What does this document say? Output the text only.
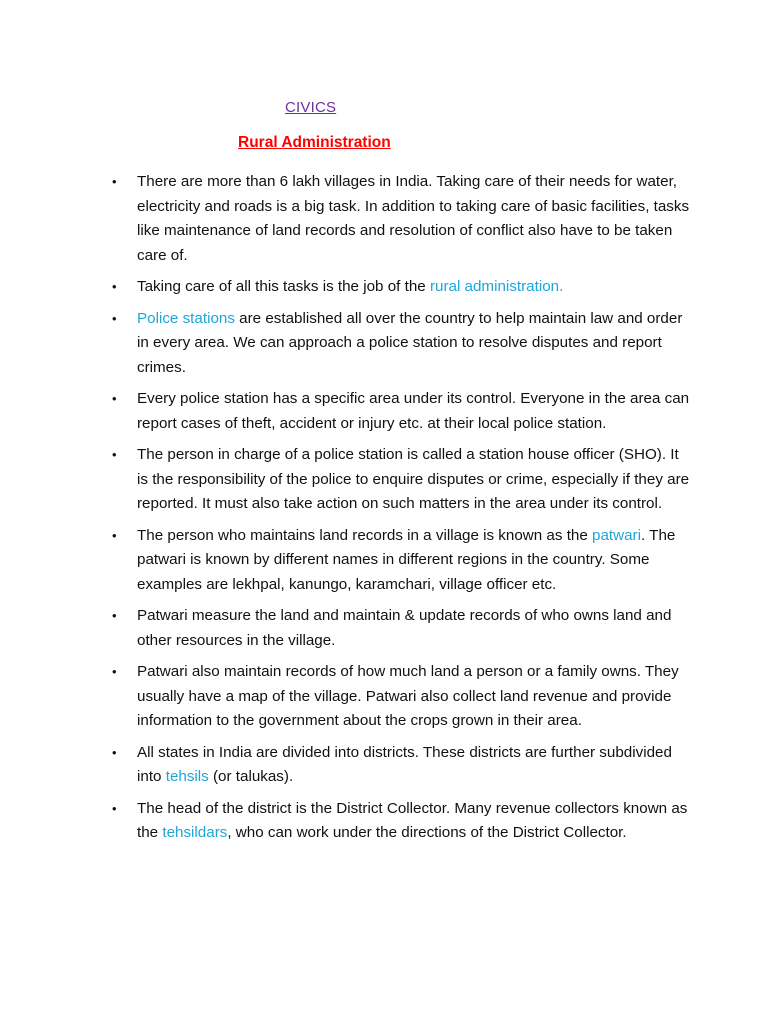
CIVICS
Rural Administration
• There are more than 6 lakh villages in India. Taking care of their needs for water, electricity and roads is a big task. In addition to taking care of basic facilities, tasks like maintenance of land records and resolution of conflict also have to be taken care of.
• Taking care of all this tasks is the job of the rural administration.
• Police stations are established all over the country to help maintain law and order in every area. We can approach a police station to resolve disputes and report crimes.
• Every police station has a specific area under its control. Everyone in the area can report cases of theft, accident or injury etc. at their local police station.
• The person in charge of a police station is called a station house officer (SHO). It is the responsibility of the police to enquire disputes or crime, especially if they are reported. It must also take action on such matters in the area under its control.
• The person who maintains land records in a village is known as the patwari. The patwari is known by different names in different regions in the country. Some examples are lekhpal, kanungo, karamchari, village officer etc.
• Patwari measure the land and maintain & update records of who owns land and other resources in the village.
• Patwari also maintain records of how much land a person or a family owns. They usually have a map of the village. Patwari also collect land revenue and provide information to the government about the crops grown in their area.
• All states in India are divided into districts. These districts are further subdivided into tehsils (or talukas).
• The head of the district is the District Collector. Many revenue collectors known as the tehsildars, who can work under the directions of the District Collector.
